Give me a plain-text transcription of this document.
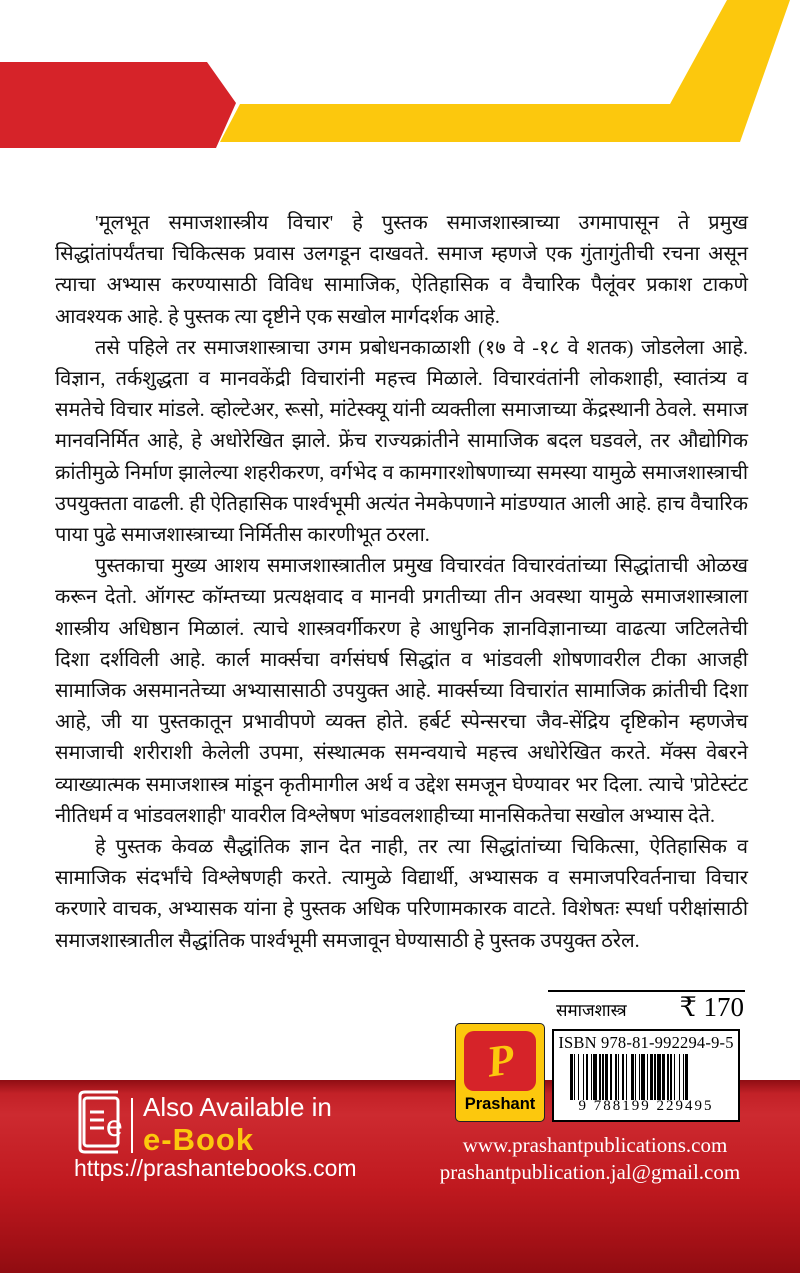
'मूलभूत समाजशास्त्रीय विचार' हे पुस्तक समाजशास्त्राच्या उगमापासून ते प्रमुख सिद्धांतांपर्यंतचा चिकित्सक प्रवास उलगडून दाखवते. समाज म्हणजे एक गुंतागुंतीची रचना असून त्याचा अभ्यास करण्यासाठी विविध सामाजिक, ऐतिहासिक व वैचारिक पैलूंवर प्रकाश टाकणे आवश्यक आहे. हे पुस्तक त्या दृष्टीने एक सखोल मार्गदर्शक आहे.

तसे पहिले तर समाजशास्त्राचा उगम प्रबोधनकाळाशी (१७ वे -१८ वे शतक) जोडलेला आहे. विज्ञान, तर्कशुद्धता व मानवकेंद्री विचारांनी महत्त्व मिळाले. विचारवंतांनी लोकशाही, स्वातंत्र्य व समतेचे विचार मांडले. व्होल्टेअर, रूसो, मांटेस्क्यू यांनी व्यक्तीला समाजाच्या केंद्रस्थानी ठेवले. समाज मानवनिर्मित आहे, हे अधोरेखित झाले. फ्रेंच राज्यक्रांतीने सामाजिक बदल घडवले, तर औद्योगिक क्रांतीमुळे निर्माण झालेल्या शहरीकरण, वर्गभेद व कामगारशोषणाच्या समस्या यामुळे समाजशास्त्राची उपयुक्तता वाढली. ही ऐतिहासिक पार्श्वभूमी अत्यंत नेमकेपणाने मांडण्यात आली आहे. हाच वैचारिक पाया पुढे समाजशास्त्राच्या निर्मितीस कारणीभूत ठरला.

पुस्तकाचा मुख्य आशय समाजशास्त्रातील प्रमुख विचारवंत विचारवंतांच्या सिद्धांताची ओळख करून देतो. ऑगस्ट कॉम्तच्या प्रत्यक्षवाद व मानवी प्रगतीच्या तीन अवस्था यामुळे समाजशास्त्राला शास्त्रीय अधिष्ठान मिळालं. त्याचे शास्त्रवर्गीकरण हे आधुनिक ज्ञानविज्ञानाच्या वाढत्या जटिलतेची दिशा दर्शविली आहे. कार्ल मार्क्सचा वर्गसंघर्ष सिद्धांत व भांडवली शोषणावरील टीका आजही सामाजिक असमानतेच्या अभ्यासासाठी उपयुक्त आहे. मार्क्सच्या विचारांत सामाजिक क्रांतीची दिशा आहे, जी या पुस्तकातून प्रभावीपणे व्यक्त होते. हर्बर्ट स्पेन्सरचा जैव-सेंद्रिय दृष्टिकोन म्हणजेच समाजाची शरीराशी केलेली उपमा, संस्थात्मक समन्वयाचे महत्त्व अधोरेखित करते. मॅक्स वेबरने व्याख्यात्मक समाजशास्त्र मांडून कृतीमागील अर्थ व उद्देश समजून घेण्यावर भर दिला. त्याचे 'प्रोटेस्टंट नीतिधर्म व भांडवलशाही' यावरील विश्लेषण भांडवलशाहीच्या मानसिकतेचा सखोल अभ्यास देते.

हे पुस्तक केवळ सैद्धांतिक ज्ञान देत नाही, तर त्या सिद्धांतांच्या चिकित्सा, ऐतिहासिक व सामाजिक संदर्भांचे विश्लेषणही करते. त्यामुळे विद्यार्थी, अभ्यासक व समाजपरिवर्तनाचा विचार करणारे वाचक, अभ्यासक यांना हे पुस्तक अधिक परिणामकारक वाटते. विशेषतः स्पर्धा परीक्षांसाठी समाजशास्त्रातील सैद्धांतिक पार्श्वभूमी समजावून घेण्यासाठी हे पुस्तक उपयुक्त ठरेल.

समाजशास्त्र	₹ 170
ISBN 978-81-992294-9-5
9 788199 229495
P
Prashant
e
Also Available in
e-Book
https://prashantebooks.com
www.prashantpublications.com
prashantpublication.jal@gmail.com
